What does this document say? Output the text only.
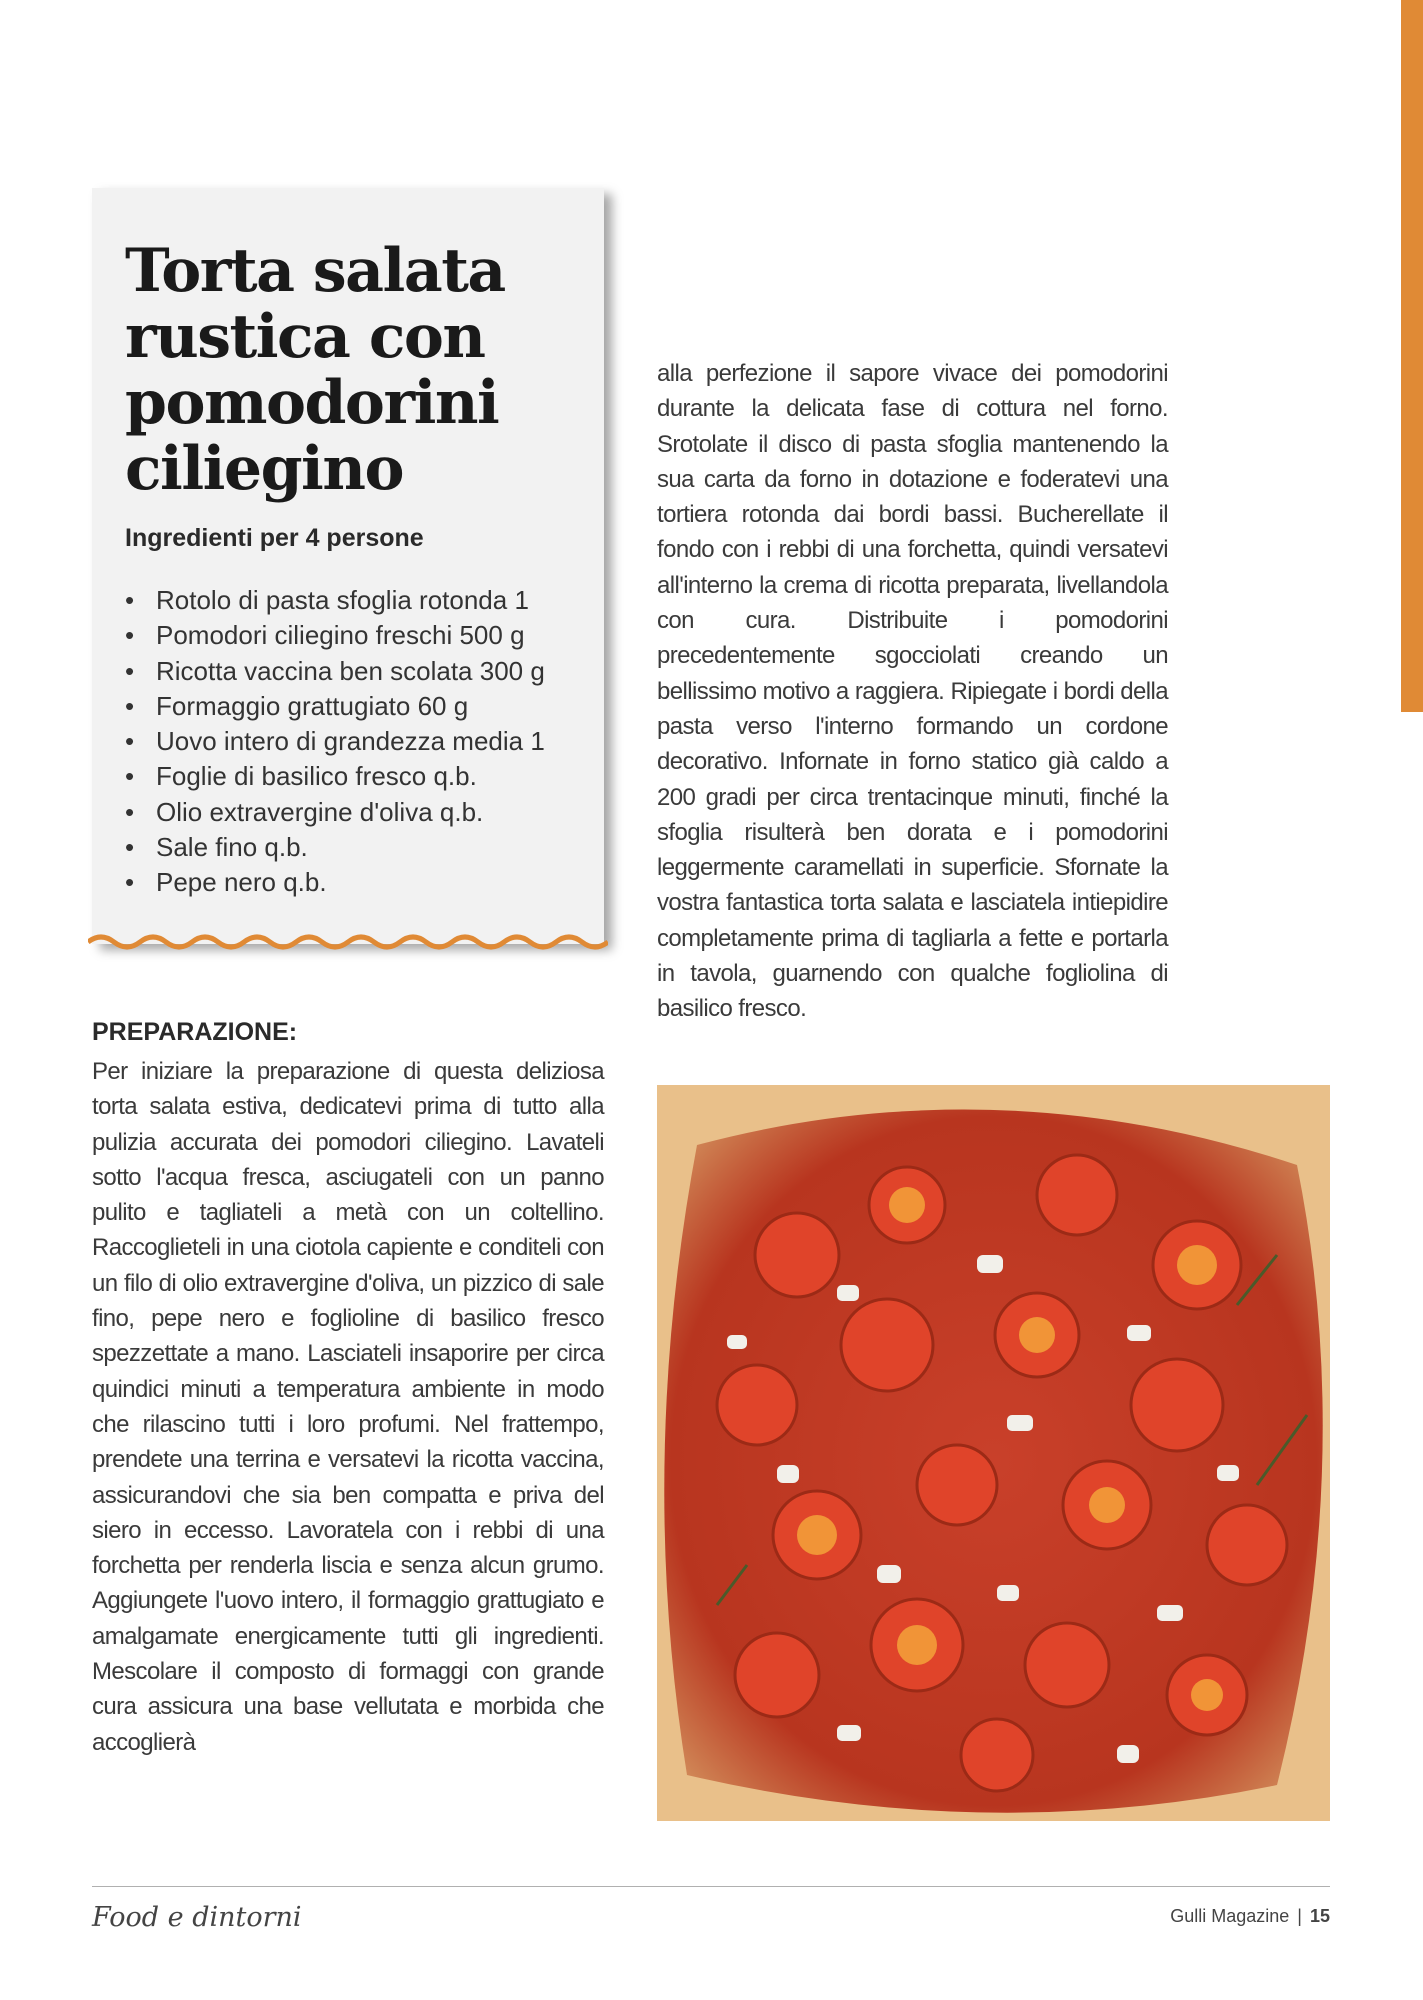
Torta salata rustica con pomodorini ciliegino
Ingredienti per 4 persone
• Rotolo di pasta sfoglia rotonda 1
• Pomodori ciliegino freschi 500 g
• Ricotta vaccina ben scolata 300 g
• Formaggio grattugiato 60 g
• Uovo intero di grandezza media 1
• Foglie di basilico fresco q.b.
• Olio extravergine d'oliva q.b.
• Sale fino q.b.
• Pepe nero q.b.
PREPARAZIONE:

Per iniziare la preparazione di questa deliziosa torta salata estiva, dedicatevi prima di tutto alla pulizia accurata dei pomodori ciliegino. Lavateli sotto l'acqua fresca, asciugateli con un panno pulito e tagliateli a metà con un coltellino. Raccoglieteli in una ciotola capiente e conditeli con un filo di olio extravergine d'oliva, un pizzico di sale fino, pepe nero e foglioline di basilico fresco spezzettate a mano. Lasciateli insaporire per circa quindici minuti a temperatura ambiente in modo che rilascino tutti i loro profumi. Nel frattempo, prendete una terrina e versatevi la ricotta vaccina, assicurandovi che sia ben compatta e priva del siero in eccesso. Lavoratela con i rebbi di una forchetta per renderla liscia e senza alcun grumo. Aggiungete l'uovo intero, il formaggio grattugiato e amalgamate energicamente tutti gli ingredienti. Mescolare il composto di formaggi con grande cura assicura una base vellutata e morbida che accoglierà

alla perfezione il sapore vivace dei pomodorini durante la delicata fase di cottura nel forno. Srotolate il disco di pasta sfoglia mantenendo la sua carta da forno in dotazione e foderatevi una tortiera rotonda dai bordi bassi. Bucherellate il fondo con i rebbi di una forchetta, quindi versatevi all'interno la crema di ricotta preparata, livellandola con cura. Distribuite i pomodorini precedentemente sgocciolati creando un bellissimo motivo a raggiera. Ripiegate i bordi della pasta verso l'interno formando un cordone decorativo. Infornate in forno statico già caldo a 200 gradi per circa trentacinque minuti, finché la sfoglia risulterà ben dorata e i pomodorini leggermente caramellati in superficie. Sfornate la vostra fantastica torta salata e lasciatela intiepidire completamente prima di tagliarla a fette e portarla in tavola, guarnendo con qualche fogliolina di basilico fresco.

Food e dintorni	Gulli Magazine | 15
